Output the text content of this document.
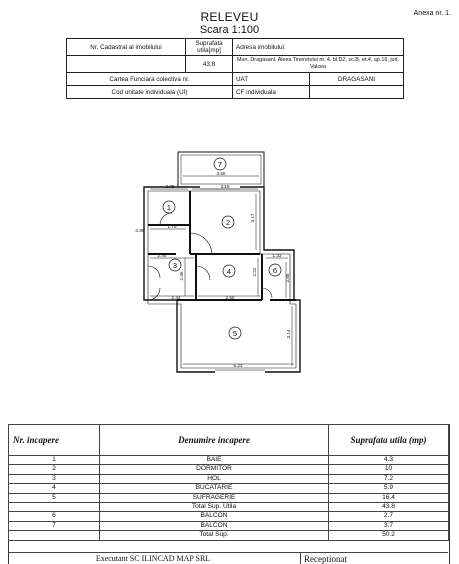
Anexa nr. 1.
RELEVEU
Scara 1:100
Nr. Cadastral al imobilului	Suprafata utila[mp]	Adresa imobilului:	
	43.8	Mun. Dragasani, Aleea Tineretului nr. 4, bl.D2, sc.B, et.4, ap.16, jud. Valcea	
Cartea Funciara colectiva nr.		UAT	DRAGASANI
Cod unitate individuala (UI)		CF individuala	
7
1
2
3
4	6
5
3.50
2.05	3.15
3.17
0.95
1.70
2.44
2.35
2.44	2.60
2.22
1.33
2.85
3.14
5.23
Nr. incapere	Denumire incapere	Suprafata utila (mp)
1	BAIE	4.3
2	DORMITOR	10
3	HOL	7.2
4	BUCATARIE	5.9
5	SUFRAGERIE	16.4
	Total Sup. Utila	43.8
6	BALCON	2.7
7	BALCON	3.7
	Total Sup.	50.2
Executant SC ILINCAD MAP SRL	Receptionat
